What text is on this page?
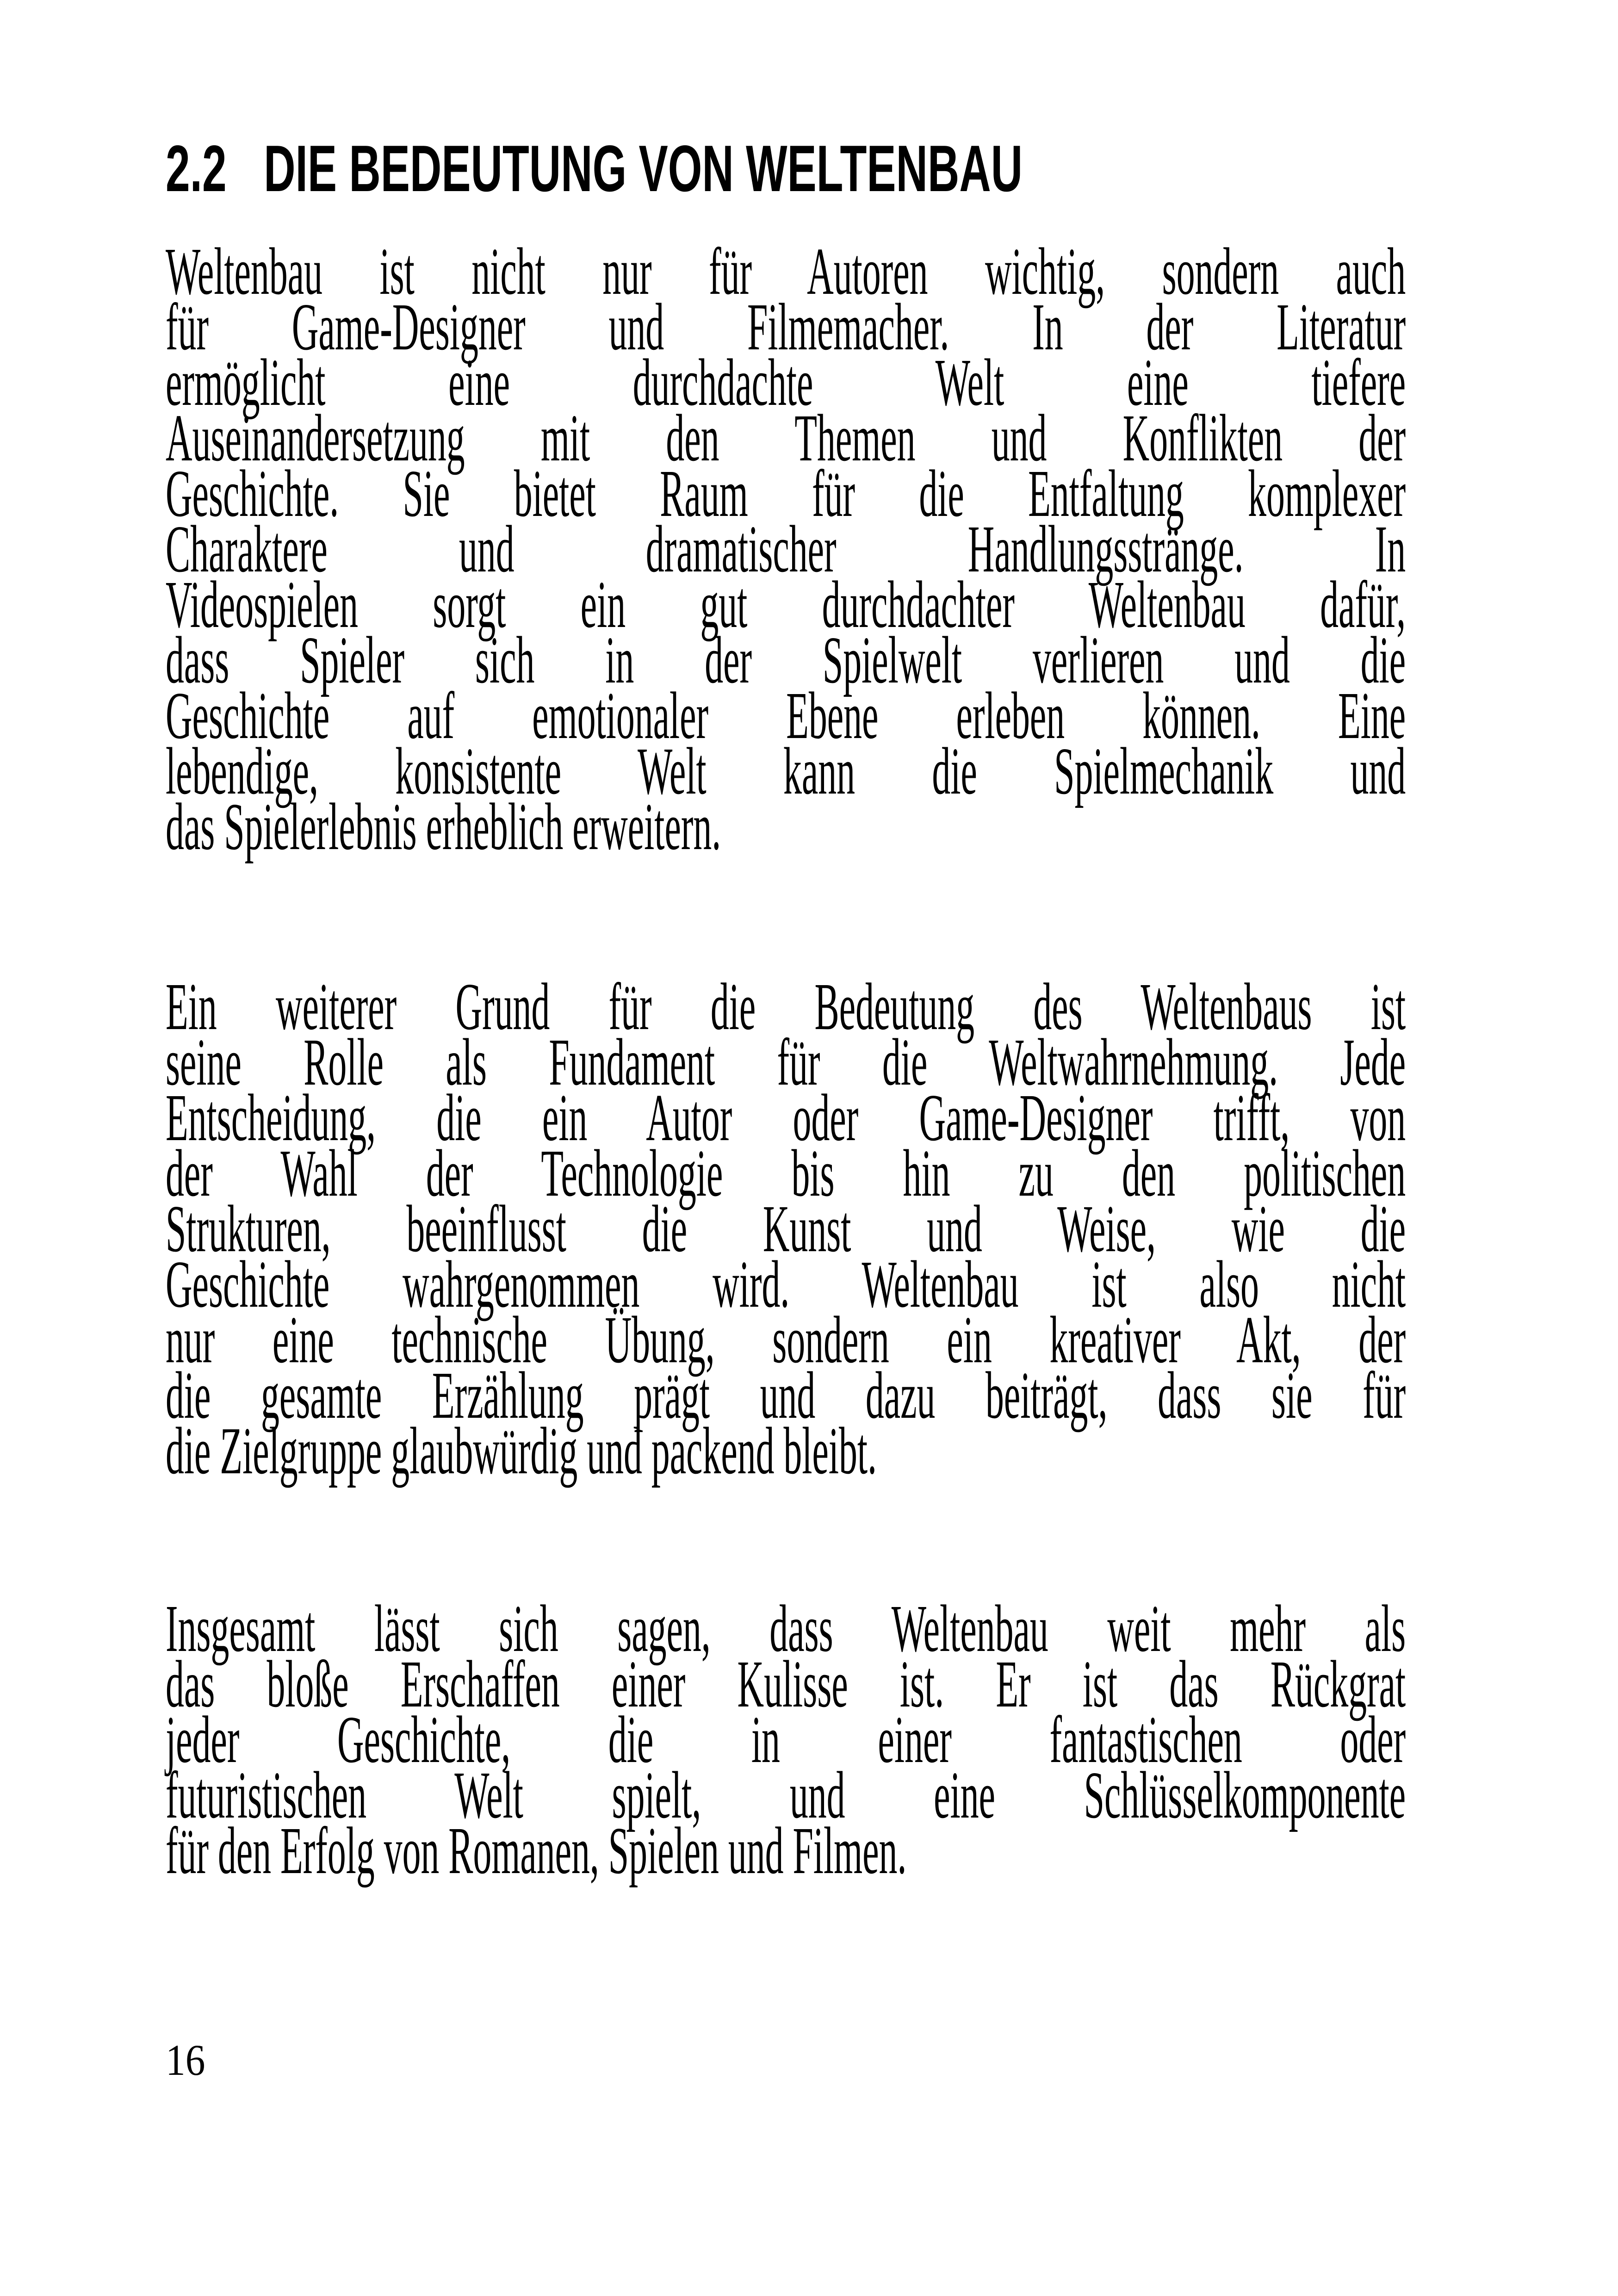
2.2 DIE BEDEUTUNG VON WELTENBAU
Weltenbau ist nicht nur für Autoren wichtig, sondern auch
für Game-Designer und Filmemacher. In der Literatur
ermöglicht eine durchdachte Welt eine tiefere
Auseinandersetzung mit den Themen und Konflikten der
Geschichte. Sie bietet Raum für die Entfaltung komplexer
Charaktere und dramatischer Handlungsstränge. In
Videospielen sorgt ein gut durchdachter Weltenbau dafür,
dass Spieler sich in der Spielwelt verlieren und die
Geschichte auf emotionaler Ebene erleben können. Eine
lebendige, konsistente Welt kann die Spielmechanik und
das Spielerlebnis erheblich erweitern.
Ein weiterer Grund für die Bedeutung des Weltenbaus ist
seine Rolle als Fundament für die Weltwahrnehmung. Jede
Entscheidung, die ein Autor oder Game-Designer trifft, von
der Wahl der Technologie bis hin zu den politischen
Strukturen, beeinflusst die Kunst und Weise, wie die
Geschichte wahrgenommen wird. Weltenbau ist also nicht
nur eine technische Übung, sondern ein kreativer Akt, der
die gesamte Erzählung prägt und dazu beiträgt, dass sie für
die Zielgruppe glaubwürdig und packend bleibt.
Insgesamt lässt sich sagen, dass Weltenbau weit mehr als
das bloße Erschaffen einer Kulisse ist. Er ist das Rückgrat
jeder Geschichte, die in einer fantastischen oder
futuristischen Welt spielt, und eine Schlüsselkomponente
für den Erfolg von Romanen, Spielen und Filmen.
16
